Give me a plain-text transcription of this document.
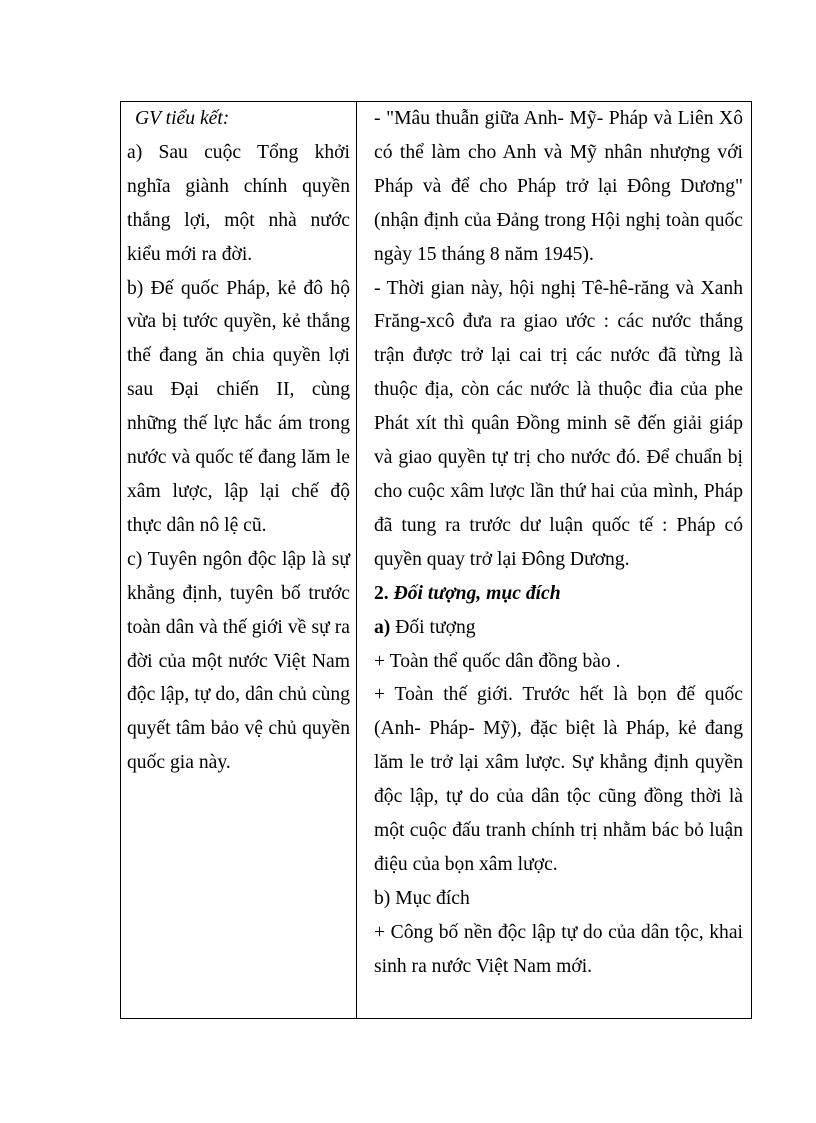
GV tiểu kết:

a) Sau cuộc Tổng khởi nghĩa giành chính quyền thắng lợi, một nhà nước kiểu mới ra đời.

b) Đế quốc Pháp, kẻ đô hộ vừa bị tước quyền, kẻ thắng thế đang ăn chia quyền lợi sau Đại chiến II, cùng những thế lực hắc ám trong nước và quốc tế đang lăm le xâm lược, lập lại chế độ thực dân nô lệ cũ.

c) Tuyên ngôn độc lập là sự khẳng định, tuyên bố trước toàn dân và thế giới về sự ra đời của một nước Việt Nam độc lập, tự do, dân chủ cùng quyết tâm bảo vệ chủ quyền quốc gia này.

- "Mâu thuẫn giữa Anh- Mỹ- Pháp và Liên Xô có thể làm cho Anh và Mỹ nhân nhượng với Pháp và để cho Pháp trở lại Đông Dương" (nhận định của Đảng trong Hội nghị toàn quốc ngày 15 tháng 8 năm 1945).

- Thời gian này, hội nghị Tê-hê-răng và Xanh Frăng-xcô đưa ra giao ước : các nước thắng trận được trở lại cai trị các nước đã từng là thuộc địa, còn các nước là thuộc đia của phe Phát xít thì quân Đồng minh sẽ đến giải giáp và giao quyền tự trị cho nước đó. Để chuẩn bị cho cuộc xâm lược lần thứ hai của mình, Pháp đã tung ra trước dư luận quốc tế : Pháp có quyền quay trở lại Đông Dương.

2. Đối tượng, mục đích

a) Đối tượng

+ Toàn thể quốc dân đồng bào .

+ Toàn thế giới. Trước hết là bọn đế quốc (Anh- Pháp- Mỹ), đặc biệt là Pháp, kẻ đang lăm le trở lại xâm lược. Sự khẳng định quyền độc lập, tự do của dân tộc cũng đồng thời là một cuộc đấu tranh chính trị nhằm bác bỏ luận điệu của bọn xâm lược.

b) Mục đích

+ Công bố nền độc lập tự do của dân tộc, khai sinh ra nước Việt Nam mới.
